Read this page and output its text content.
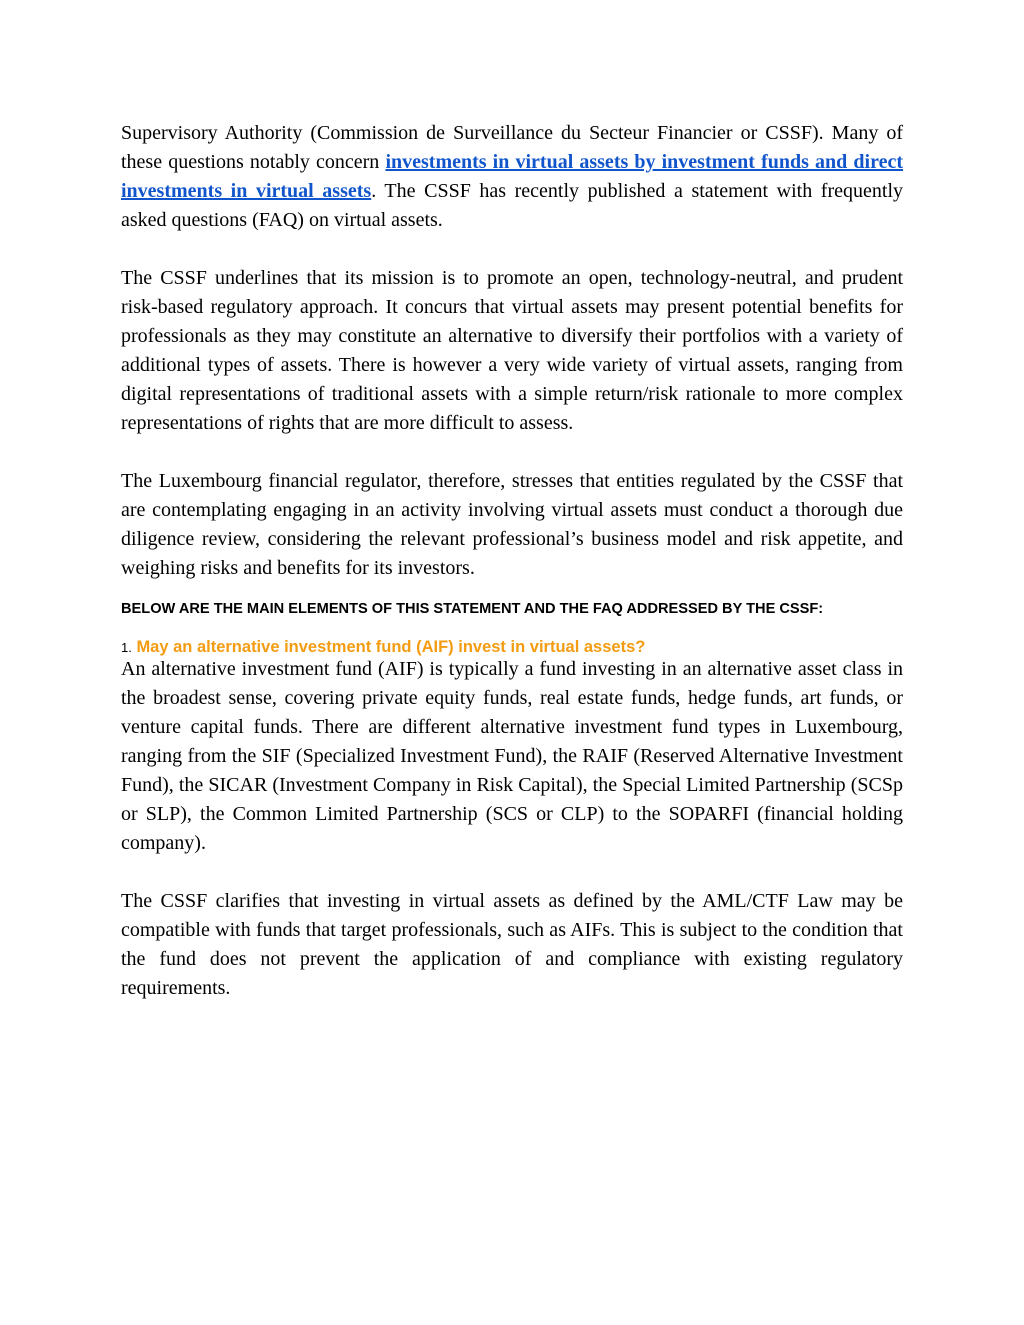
Supervisory Authority (Commission de Surveillance du Secteur Financier or CSSF). Many of these questions notably concern investments in virtual assets by investment funds and direct investments in virtual assets. The CSSF has recently published a statement with frequently asked questions (FAQ) on virtual assets.

The CSSF underlines that its mission is to promote an open, technology-neutral, and prudent risk-based regulatory approach. It concurs that virtual assets may present potential benefits for professionals as they may constitute an alternative to diversify their portfolios with a variety of additional types of assets. There is however a very wide variety of virtual assets, ranging from digital representations of traditional assets with a simple return/risk rationale to more complex representations of rights that are more difficult to assess.

The Luxembourg financial regulator, therefore, stresses that entities regulated by the CSSF that are contemplating engaging in an activity involving virtual assets must conduct a thorough due diligence review, considering the relevant professional’s business model and risk appetite, and weighing risks and benefits for its investors.

BELOW ARE THE MAIN ELEMENTS OF THIS STATEMENT AND THE FAQ ADDRESSED BY THE CSSF:

1. May an alternative investment fund (AIF) invest in virtual assets?

An alternative investment fund (AIF) is typically a fund investing in an alternative asset class in the broadest sense, covering private equity funds, real estate funds, hedge funds, art funds, or venture capital funds. There are different alternative investment fund types in Luxembourg, ranging from the SIF (Specialized Investment Fund), the RAIF (Reserved Alternative Investment Fund), the SICAR (Investment Company in Risk Capital), the Special Limited Partnership (SCSp or SLP), the Common Limited Partnership (SCS or CLP) to the SOPARFI (financial holding company).

The CSSF clarifies that investing in virtual assets as defined by the AML/CTF Law may be compatible with funds that target professionals, such as AIFs. This is subject to the condition that the fund does not prevent the application of and compliance with existing regulatory requirements.
